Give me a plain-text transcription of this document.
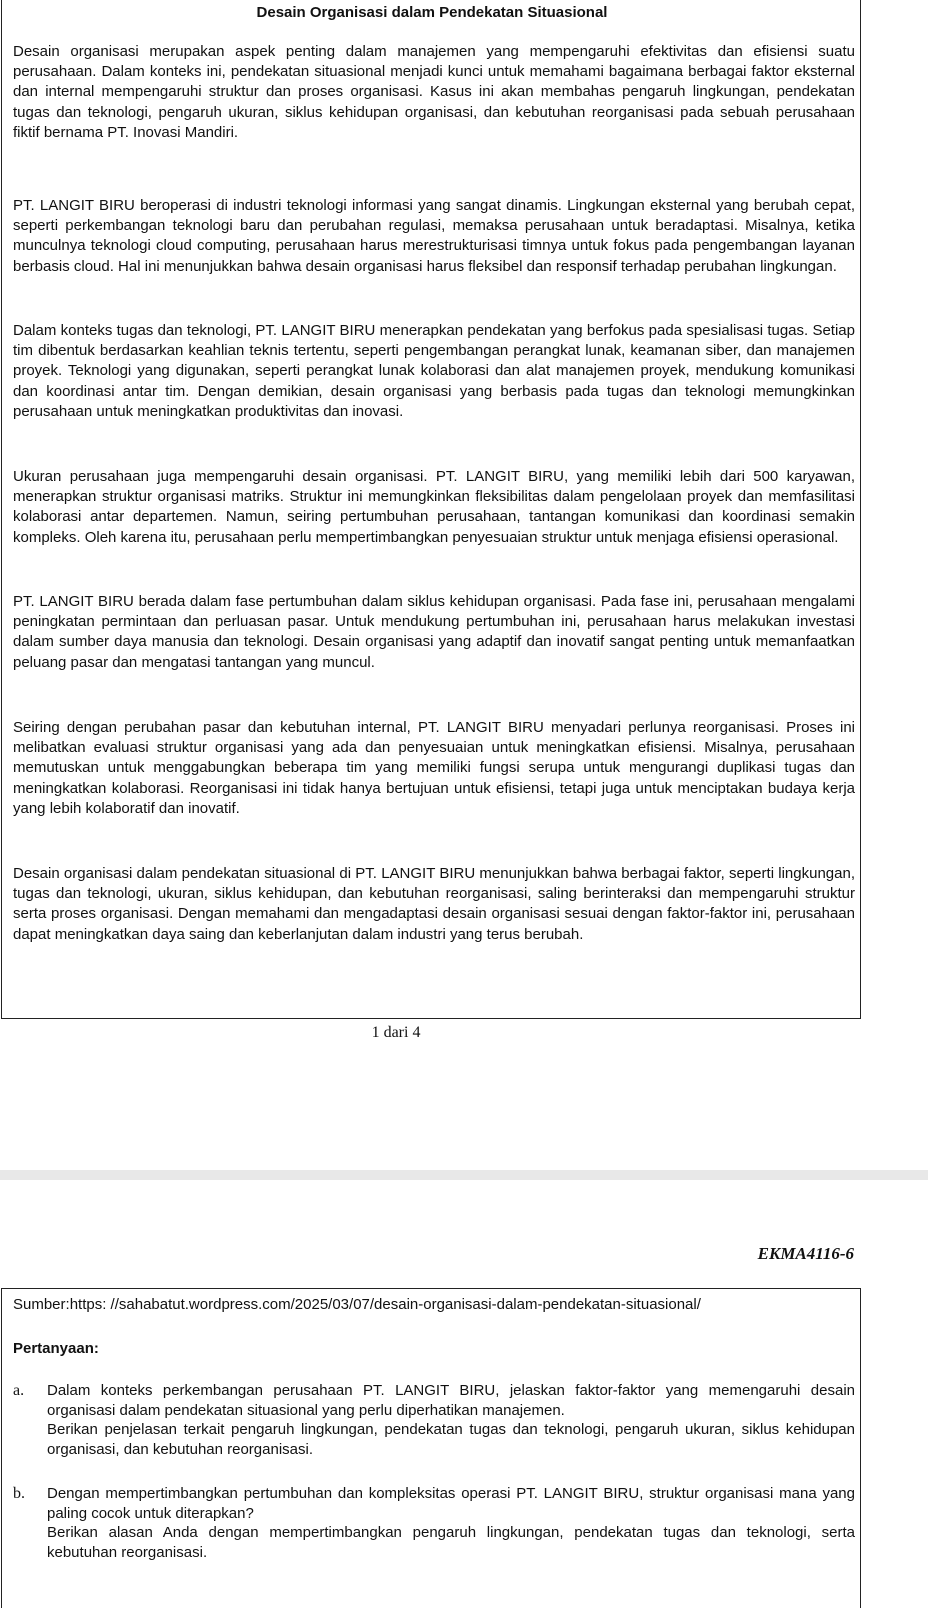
Desain Organisasi dalam Pendekatan Situasional

Desain organisasi merupakan aspek penting dalam manajemen yang mempengaruhi efektivitas dan efisiensi suatu perusahaan. Dalam konteks ini, pendekatan situasional menjadi kunci untuk memahami bagaimana berbagai faktor eksternal dan internal mempengaruhi struktur dan proses organisasi. Kasus ini akan membahas pengaruh lingkungan, pendekatan tugas dan teknologi, pengaruh ukuran, siklus kehidupan organisasi, dan kebutuhan reorganisasi pada sebuah perusahaan fiktif bernama PT. Inovasi Mandiri.

PT. LANGIT BIRU beroperasi di industri teknologi informasi yang sangat dinamis. Lingkungan eksternal yang berubah cepat, seperti perkembangan teknologi baru dan perubahan regulasi, memaksa perusahaan untuk beradaptasi. Misalnya, ketika munculnya teknologi cloud computing, perusahaan harus merestrukturisasi timnya untuk fokus pada pengembangan layanan berbasis cloud. Hal ini menunjukkan bahwa desain organisasi harus fleksibel dan responsif terhadap perubahan lingkungan.

Dalam konteks tugas dan teknologi, PT. LANGIT BIRU menerapkan pendekatan yang berfokus pada spesialisasi tugas. Setiap tim dibentuk berdasarkan keahlian teknis tertentu, seperti pengembangan perangkat lunak, keamanan siber, dan manajemen proyek. Teknologi yang digunakan, seperti perangkat lunak kolaborasi dan alat manajemen proyek, mendukung komunikasi dan koordinasi antar tim. Dengan demikian, desain organisasi yang berbasis pada tugas dan teknologi memungkinkan perusahaan untuk meningkatkan produktivitas dan inovasi.

Ukuran perusahaan juga mempengaruhi desain organisasi. PT. LANGIT BIRU, yang memiliki lebih dari 500 karyawan, menerapkan struktur organisasi matriks. Struktur ini memungkinkan fleksibilitas dalam pengelolaan proyek dan memfasilitasi kolaborasi antar departemen. Namun, seiring pertumbuhan perusahaan, tantangan komunikasi dan koordinasi semakin kompleks. Oleh karena itu, perusahaan perlu mempertimbangkan penyesuaian struktur untuk menjaga efisiensi operasional.

PT. LANGIT BIRU berada dalam fase pertumbuhan dalam siklus kehidupan organisasi. Pada fase ini, perusahaan mengalami peningkatan permintaan dan perluasan pasar. Untuk mendukung pertumbuhan ini, perusahaan harus melakukan investasi dalam sumber daya manusia dan teknologi. Desain organisasi yang adaptif dan inovatif sangat penting untuk memanfaatkan peluang pasar dan mengatasi tantangan yang muncul.

Seiring dengan perubahan pasar dan kebutuhan internal, PT. LANGIT BIRU menyadari perlunya reorganisasi. Proses ini melibatkan evaluasi struktur organisasi yang ada dan penyesuaian untuk meningkatkan efisiensi. Misalnya, perusahaan memutuskan untuk menggabungkan beberapa tim yang memiliki fungsi serupa untuk mengurangi duplikasi tugas dan meningkatkan kolaborasi. Reorganisasi ini tidak hanya bertujuan untuk efisiensi, tetapi juga untuk menciptakan budaya kerja yang lebih kolaboratif dan inovatif.

Desain organisasi dalam pendekatan situasional di PT. LANGIT BIRU menunjukkan bahwa berbagai faktor, seperti lingkungan, tugas dan teknologi, ukuran, siklus kehidupan, dan kebutuhan reorganisasi, saling berinteraksi dan mempengaruhi struktur serta proses organisasi. Dengan memahami dan mengadaptasi desain organisasi sesuai dengan faktor-faktor ini, perusahaan dapat meningkatkan daya saing dan keberlanjutan dalam industri yang terus berubah.

1 dari 4
EKMA4116-6
Sumber:https: //sahabatut.wordpress.com/2025/03/07/desain-organisasi-dalam-pendekatan-situasional/
Pertanyaan:
a. Dalam konteks perkembangan perusahaan PT. LANGIT BIRU, jelaskan faktor-faktor yang memengaruhi desain organisasi dalam pendekatan situasional yang perlu diperhatikan manajemen.

Berikan penjelasan terkait pengaruh lingkungan, pendekatan tugas dan teknologi, pengaruh ukuran, siklus kehidupan organisasi, dan kebutuhan reorganisasi.

b. Dengan mempertimbangkan pertumbuhan dan kompleksitas operasi PT. LANGIT BIRU, struktur organisasi mana yang paling cocok untuk diterapkan?

Berikan alasan Anda dengan mempertimbangkan pengaruh lingkungan, pendekatan tugas dan teknologi, serta kebutuhan reorganisasi.
